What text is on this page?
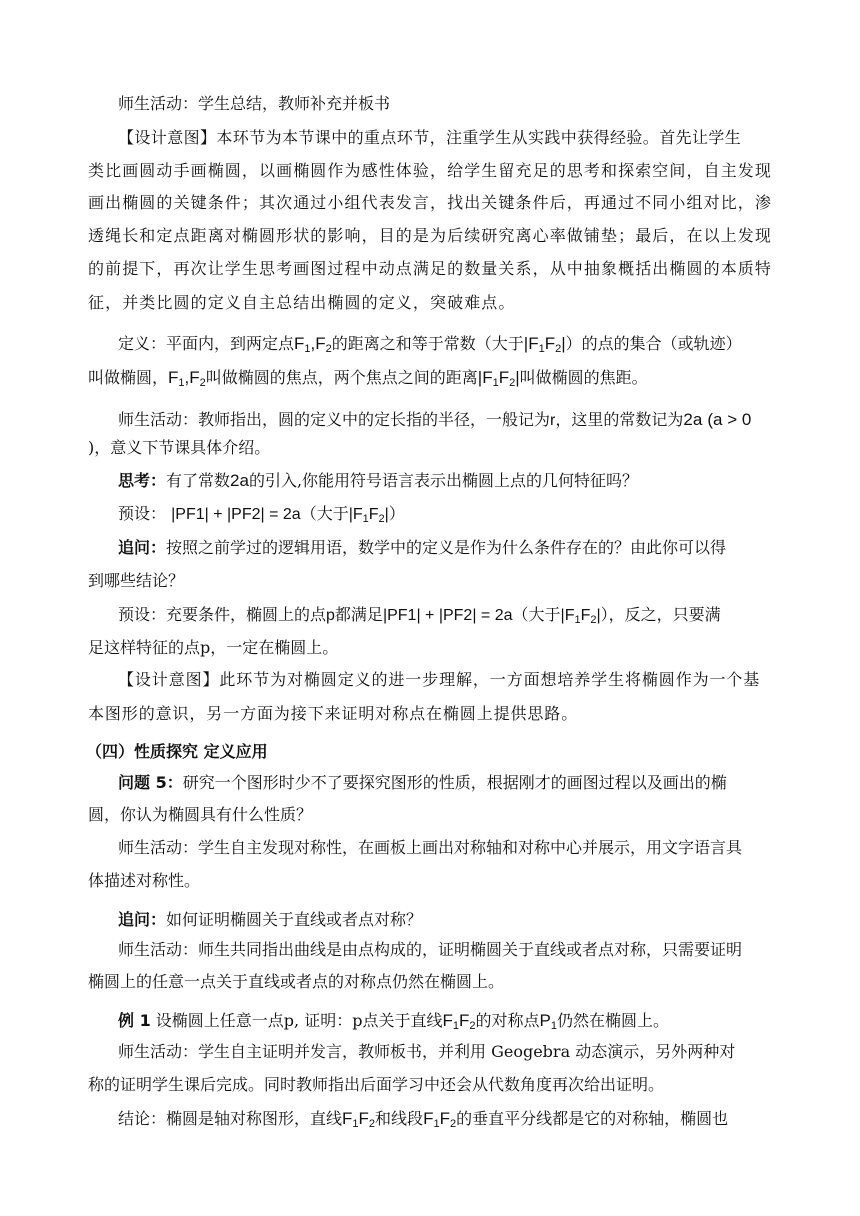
师生活动：学生总结，教师补充并板书
【设计意图】本环节为本节课中的重点环节，注重学生从实践中获得经验。首先让学生
类比画圆动手画椭圆，以画椭圆作为感性体验，给学生留充足的思考和探索空间，自主发现
画出椭圆的关键条件；其次通过小组代表发言，找出关键条件后，再通过不同小组对比，渗
透绳长和定点距离对椭圆形状的影响，目的是为后续研究离心率做铺垫；最后，在以上发现
的前提下，再次让学生思考画图过程中动点满足的数量关系，从中抽象概括出椭圆的本质特
征，并类比圆的定义自主总结出椭圆的定义，突破难点。
定义：平面内，到两定点$F_1,F_2$的距离之和等于常数（大于$|F_1F_2|$）的点的集合（或轨迹）
叫做椭圆，$F_1,F_2$叫做椭圆的焦点，两个焦点之间的距离$|F_1F_2|$叫做椭圆的焦距。
师生活动：教师指出，圆的定义中的定长指的半径，一般记为r，这里的常数记为2a (a > 0
)，意义下节课具体介绍。
思考：有了常数2a的引入,你能用符号语言表示出椭圆上点的几何特征吗？
预设： |PF1| + |PF2| = 2a（大于$|F_1F_2|$）
追问：按照之前学过的逻辑用语，数学中的定义是作为什么条件存在的？由此你可以得
到哪些结论？
预设：充要条件，椭圆上的点p都满足|PF1| + |PF2| = 2a（大于$|F_1F_2|$），反之，只要满
足这样特征的点p，一定在椭圆上。
【设计意图】此环节为对椭圆定义的进一步理解，一方面想培养学生将椭圆作为一个基
本图形的意识，另一方面为接下来证明对称点在椭圆上提供思路。
（四）性质探究 定义应用
问题 5：研究一个图形时少不了要探究图形的性质，根据刚才的画图过程以及画出的椭
圆，你认为椭圆具有什么性质？
师生活动：学生自主发现对称性，在画板上画出对称轴和对称中心并展示，用文字语言具
体描述对称性。
追问：如何证明椭圆关于直线或者点对称？
师生活动：师生共同指出曲线是由点构成的，证明椭圆关于直线或者点对称，只需要证明
椭圆上的任意一点关于直线或者点的对称点仍然在椭圆上。
例 1 设椭圆上任意一点p, 证明：p点关于直线$F_1F_2$的对称点$P_1$仍然在椭圆上。
师生活动：学生自主证明并发言，教师板书，并利用 Geogebra 动态演示，另外两种对
称的证明学生课后完成。同时教师指出后面学习中还会从代数角度再次给出证明。
结论：椭圆是轴对称图形，直线$F_1F_2$和线段$F_1F_2$的垂直平分线都是它的对称轴，椭圆也
